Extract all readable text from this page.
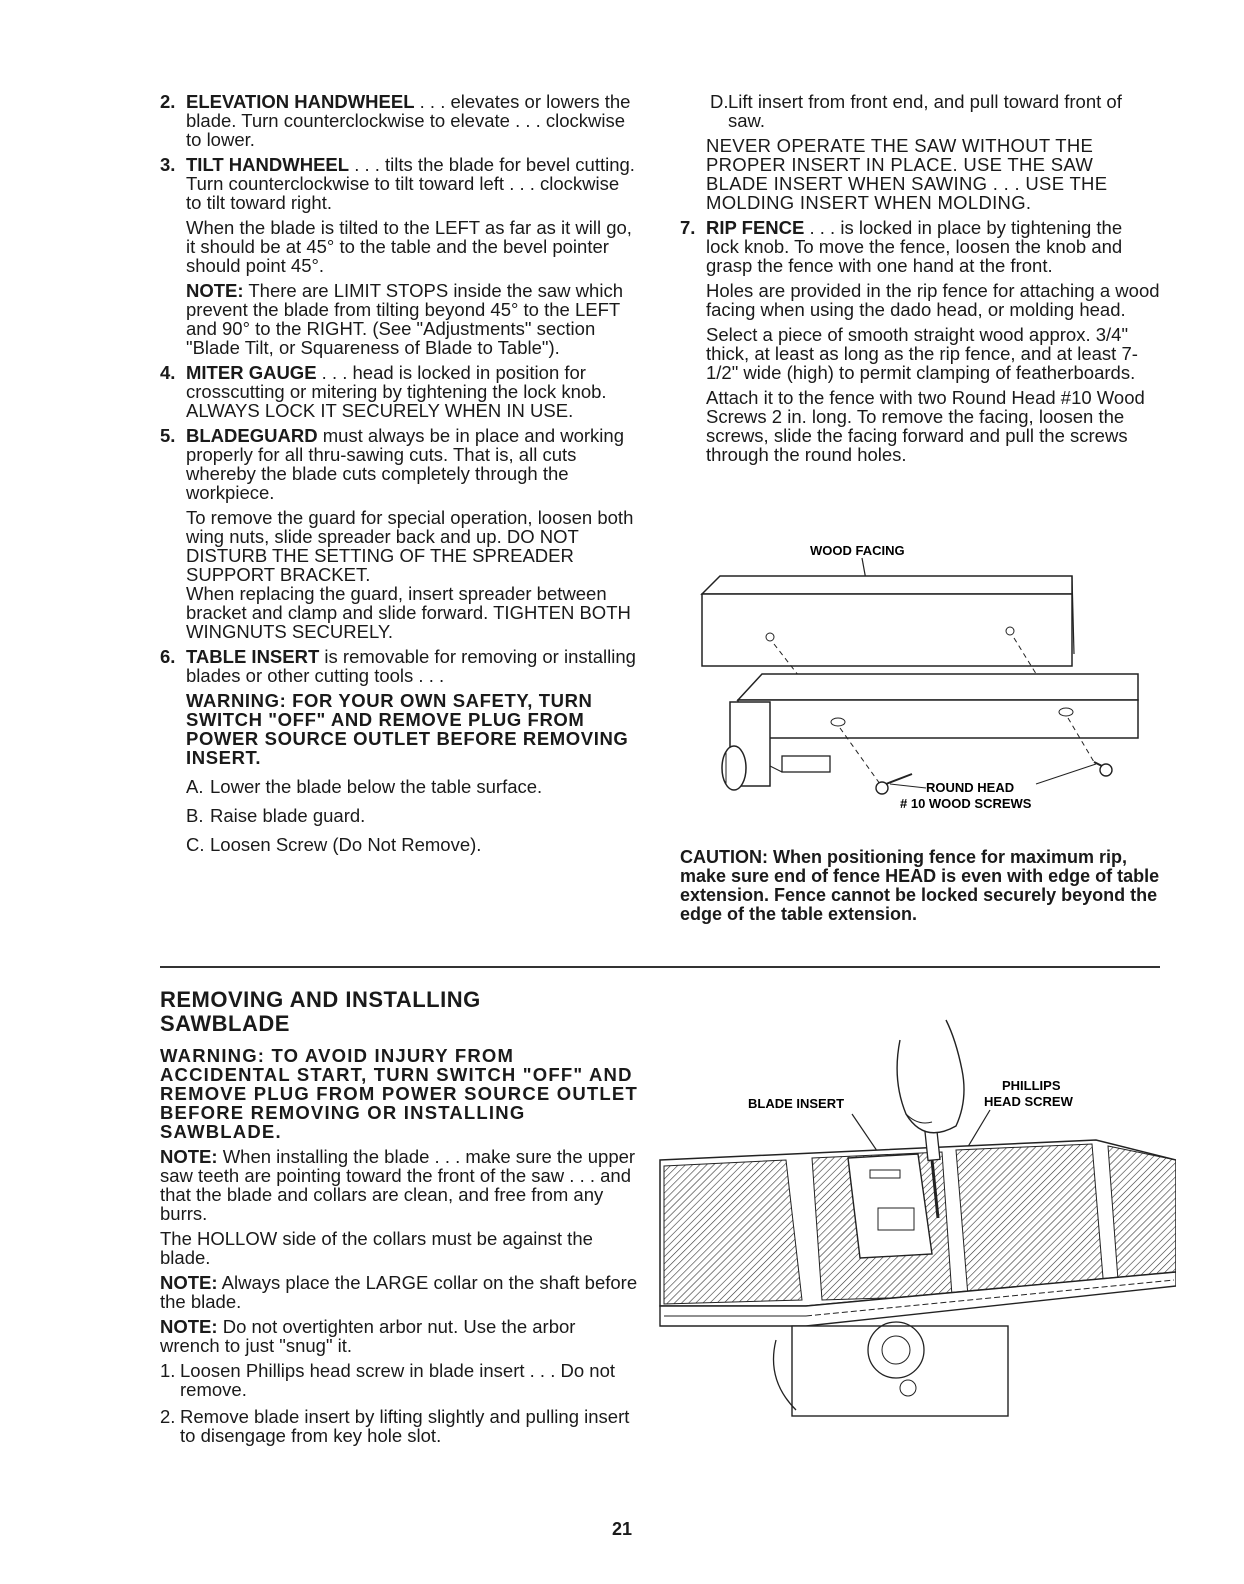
2. ELEVATION HANDWHEEL . . . elevates or lowers the blade. Turn counterclockwise to elevate . . . clockwise to lower.
3. TILT HANDWHEEL . . . tilts the blade for bevel cutting. Turn counterclockwise to tilt toward left . . . clockwise to tilt toward right.

When the blade is tilted to the LEFT as far as it will go, it should be at 45° to the table and the bevel pointer should point 45°.

NOTE: There are LIMIT STOPS inside the saw which prevent the blade from tilting beyond 45° to the LEFT and 90° to the RIGHT. (See "Adjustments" section "Blade Tilt, or Squareness of Blade to Table").

4. MITER GAUGE . . . head is locked in position for crosscutting or mitering by tightening the lock knob. ALWAYS LOCK IT SECURELY WHEN IN USE.
5. BLADEGUARD must always be in place and working properly for all thru-sawing cuts. That is, all cuts whereby the blade cuts completely through the workpiece.

To remove the guard for special operation, loosen both wing nuts, slide spreader back and up. DO NOT DISTURB THE SETTING OF THE SPREADER SUPPORT BRACKET.

When replacing the guard, insert spreader between bracket and clamp and slide forward. TIGHTEN BOTH WINGNUTS SECURELY.

6. TABLE INSERT is removable for removing or installing blades or other cutting tools . . .

WARNING: FOR YOUR OWN SAFETY, TURN SWITCH "OFF" AND REMOVE PLUG FROM POWER SOURCE OUTLET BEFORE REMOVING INSERT.

A. Lower the blade below the table surface.
B. Raise blade guard.
C. Loosen Screw (Do Not Remove).
D. Lift insert from front end, and pull toward front of saw.

NEVER OPERATE THE SAW WITHOUT THE PROPER INSERT IN PLACE. USE THE SAW BLADE INSERT WHEN SAWING . . . USE THE MOLDING INSERT WHEN MOLDING.

7. RIP FENCE . . . is locked in place by tightening the lock knob. To move the fence, loosen the knob and grasp the fence with one hand at the front.

Holes are provided in the rip fence for attaching a wood facing when using the dado head, or molding head.

Select a piece of smooth straight wood approx. 3/4" thick, at least as long as the rip fence, and at least 7-1/2" wide (high) to permit clamping of featherboards.

Attach it to the fence with two Round Head #10 Wood Screws 2 in. long. To remove the facing, loosen the screws, slide the facing forward and pull the screws through the round holes.

WOOD FACING
ROUND HEAD
# 10 WOOD SCREWS

CAUTION: When positioning fence for maximum rip, make sure end of fence HEAD is even with edge of table extension. Fence cannot be locked securely beyond the edge of the table extension.

REMOVING AND INSTALLING SAWBLADE

WARNING: TO AVOID INJURY FROM ACCIDENTAL START, TURN SWITCH "OFF" AND REMOVE PLUG FROM POWER SOURCE OUTLET BEFORE REMOVING OR INSTALLING SAWBLADE.

NOTE: When installing the blade . . . make sure the upper saw teeth are pointing toward the front of the saw . . . and that the blade and collars are clean, and free from any burrs.

The HOLLOW side of the collars must be against the blade.

NOTE: Always place the LARGE collar on the shaft before the blade.

NOTE: Do not overtighten arbor nut. Use the arbor wrench to just "snug" it.

1. Loosen Phillips head screw in blade insert . . . Do not remove.
2. Remove blade insert by lifting slightly and pulling insert to disengage from key hole slot.
BLADE INSERT
PHILLIPS
HEAD SCREW
21
